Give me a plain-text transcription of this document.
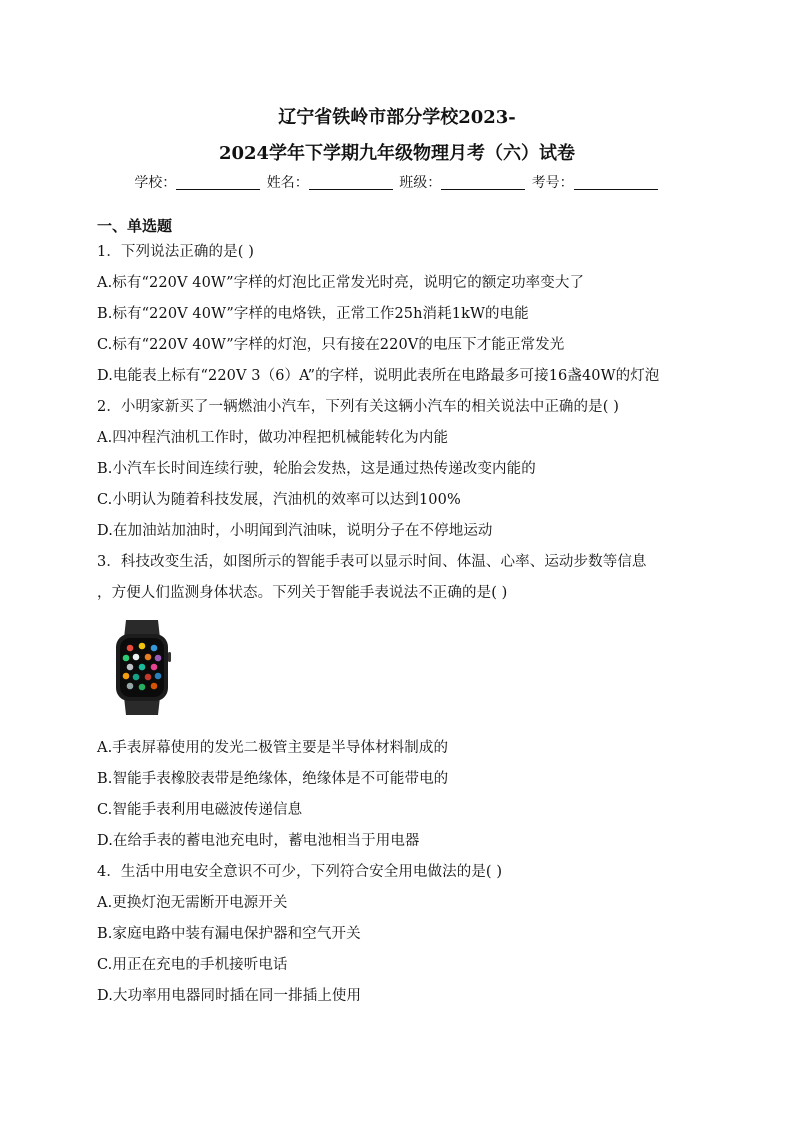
辽宁省铁岭市部分学校2023-
2024学年下学期九年级物理月考（六）试卷
学校：	姓名：	班级：	考号：
一、单选题
1．下列说法正确的是( )
A.标有“220V 40W”字样的灯泡比正常发光时亮，说明它的额定功率变大了
B.标有“220V 40W”字样的电烙铁，正常工作25h消耗1kW的电能
C.标有“220V 40W”字样的灯泡，只有接在220V的电压下才能正常发光
D.电能表上标有“220V 3（6）A”的字样，说明此表所在电路最多可接16盏40W的灯泡
2．小明家新买了一辆燃油小汽车，下列有关这辆小汽车的相关说法中正确的是( )
A.四冲程汽油机工作时，做功冲程把机械能转化为内能
B.小汽车长时间连续行驶，轮胎会发热，这是通过热传递改变内能的
C.小明认为随着科技发展，汽油机的效率可以达到100%
D.在加油站加油时，小明闻到汽油味，说明分子在不停地运动
3．科技改变生活，如图所示的智能手表可以显示时间、体温、心率、运动步数等信息
，方便人们监测身体状态。下列关于智能手表说法不正确的是( )
A.手表屏幕使用的发光二极管主要是半导体材料制成的
B.智能手表橡胶表带是绝缘体，绝缘体是不可能带电的
C.智能手表利用电磁波传递信息
D.在给手表的蓄电池充电时，蓄电池相当于用电器
4．生活中用电安全意识不可少，下列符合安全用电做法的是( )
A.更换灯泡无需断开电源开关
B.家庭电路中装有漏电保护器和空气开关
C.用正在充电的手机接听电话
D.大功率用电器同时插在同一排插上使用
